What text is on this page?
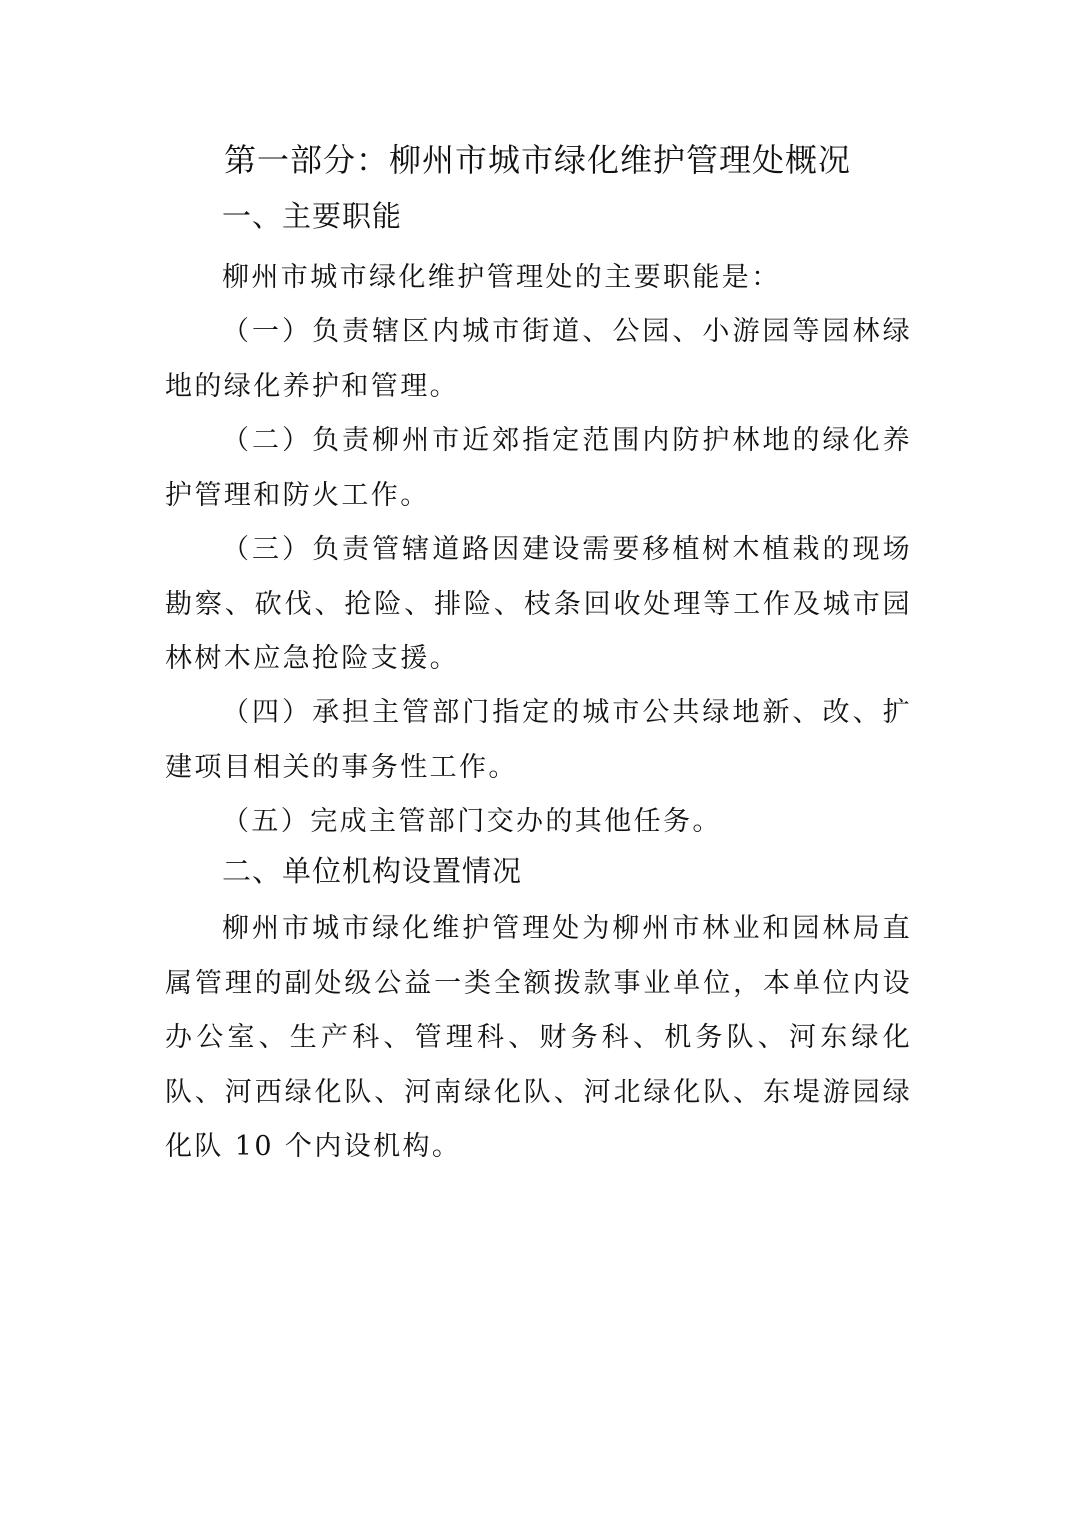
第一部分：柳州市城市绿化维护管理处概况
一、主要职能

柳州市城市绿化维护管理处的主要职能是：

（一）负责辖区内城市街道、公园、小游园等园林绿地的绿化养护和管理。

（二）负责柳州市近郊指定范围内防护林地的绿化养护管理和防火工作。

（三）负责管辖道路因建设需要移植树木植栽的现场勘察、砍伐、抢险、排险、枝条回收处理等工作及城市园林树木应急抢险支援。

（四）承担主管部门指定的城市公共绿地新、改、扩建项目相关的事务性工作。

（五）完成主管部门交办的其他任务。

二、单位机构设置情况

柳州市城市绿化维护管理处为柳州市林业和园林局直属管理的副处级公益一类全额拨款事业单位，本单位内设办公室、生产科、管理科、财务科、机务队、河东绿化队、河西绿化队、河南绿化队、河北绿化队、东堤游园绿化队 10 个内设机构。
